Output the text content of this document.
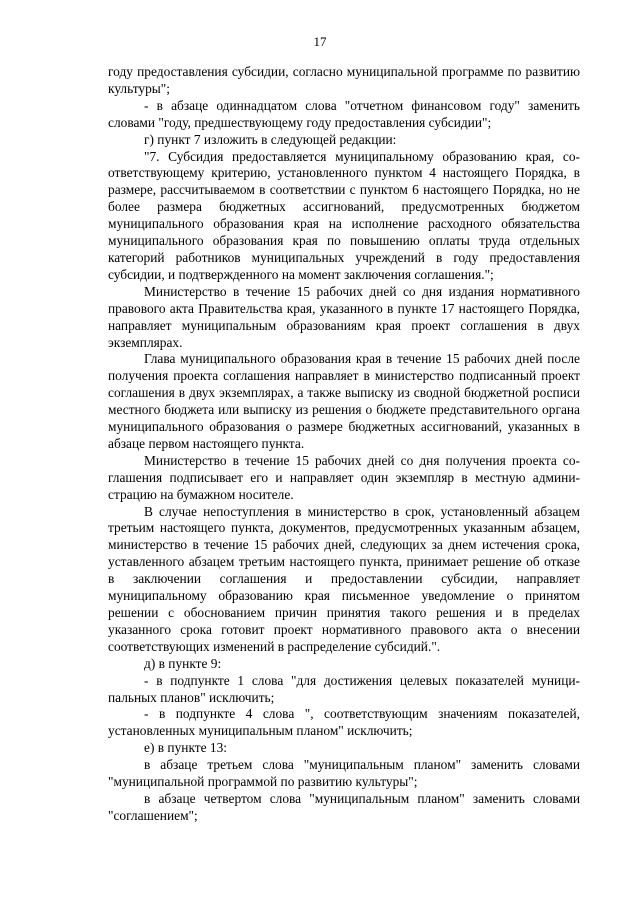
17

году предоставления субсидии, согласно муниципальной программе по развитию культуры";

- в абзаце одиннадцатом слова "отчетном финансовом году" заменить словами "году, предшествующему году предоставления субсидии";

г) пункт 7 изложить в следующей редакции:

"7. Субсидия предоставляется муниципальному образованию края, соответствующему критерию, установленного пунктом 4 настоящего Порядка, в размере, рассчитываемом в соответствии с пунктом 6 настоящего Порядка, но не более размера бюджетных ассигнований, предусмотренных бюджетом муниципального образования края на исполнение расходного обязательства муниципального образования края по повышению оплаты труда отдельных категорий работников муниципальных учреждений в году предоставления субсидии, и подтвержденного на момент заключения соглашения.";

Министерство в течение 15 рабочих дней со дня издания нормативного правового акта Правительства края, указанного в пункте 17 настоящего Порядка, направляет муниципальным образованиям края проект соглашения в двух экземплярах.

Глава муниципального образования края в течение 15 рабочих дней после получения проекта соглашения направляет в министерство подписанный проект соглашения в двух экземплярах, а также выписку из сводной бюджетной росписи местного бюджета или выписку из решения о бюджете представительного органа муниципального образования о размере бюджетных ассигнований, указанных в абзаце первом настоящего пункта.

Министерство в течение 15 рабочих дней со дня получения проекта соглашения подписывает его и направляет один экземпляр в местную администрацию на бумажном носителе.

В случае непоступления в министерство в срок, установленный абзацем третьим настоящего пункта, документов, предусмотренных указанным абзацем, министерство в течение 15 рабочих дней, следующих за днем истечения срока, уставленного абзацем третьим настоящего пункта, принимает решение об отказе в заключении соглашения и предоставлении субсидии, направляет муниципальному образованию края письменное уведомление о принятом решении с обоснованием причин принятия такого решения и в пределах указанного срока готовит проект нормативного правового акта о внесении соответствующих изменений в распределение субсидий.".

д) в пункте 9:

- в подпункте 1 слова "для достижения целевых показателей муниципальных планов" исключить;

- в подпункте 4 слова ", соответствующим значениям показателей, установленных муниципальным планом" исключить;

е) в пункте 13:

в абзаце третьем слова "муниципальным планом" заменить словами "муниципальной программой по развитию культуры";

в абзаце четвертом слова "муниципальным планом" заменить словами "соглашением";
